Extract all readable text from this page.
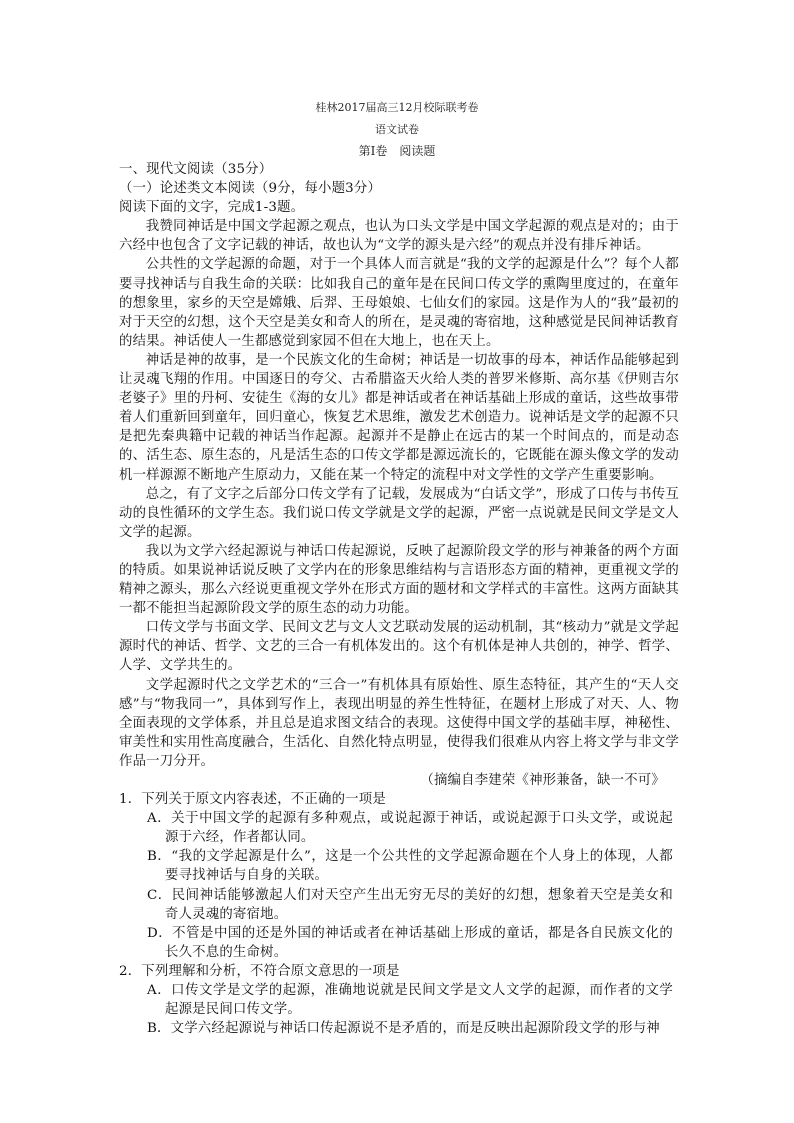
桂林2017届高三12月校际联考卷
语文试卷
第Ⅰ卷　阅读题

一、现代文阅读（35分）

（一）论述类文本阅读（9分，每小题3分）

阅读下面的文字，完成1-3题。

我赞同神话是中国文学起源之观点，也认为口头文学是中国文学起源的观点是对的；由于六经中也包含了文字记载的神话，故也认为“文学的源头是六经”的观点并没有排斥神话。

公共性的文学起源的命题，对于一个具体人而言就是“我的文学的起源是什么”？每个人都要寻找神话与自我生命的关联：比如我自己的童年是在民间口传文学的熏陶里度过的，在童年的想象里，家乡的天空是嫦娥、后羿、王母娘娘、七仙女们的家园。这是作为人的“我”最初的对于天空的幻想，这个天空是美女和奇人的所在，是灵魂的寄宿地，这种感觉是民间神话教育的结果。神话使人一生都感觉到家园不但在大地上，也在天上。

神话是神的故事，是一个民族文化的生命树；神话是一切故事的母本，神话作品能够起到让灵魂飞翔的作用。中国逐日的夸父、古希腊盗天火给人类的普罗米修斯、高尔基《伊则吉尔老婆子》里的丹柯、安徒生《海的女儿》都是神话或者在神话基础上形成的童话，这些故事带着人们重新回到童年，回归童心，恢复艺术思维，激发艺术创造力。说神话是文学的起源不只是把先秦典籍中记载的神话当作起源。起源并不是静止在远古的某一个时间点的，而是动态的、活生态、原生态的，凡是活生态的口传文学都是源远流长的，它既能在源头像文学的发动机一样源源不断地产生原动力，又能在某一个特定的流程中对文学性的文学产生重要影响。

总之，有了文字之后部分口传文学有了记载，发展成为“白话文学”，形成了口传与书传互动的良性循环的文学生态。我们说口传文学就是文学的起源，严密一点说就是民间文学是文人文学的起源。

我以为文学六经起源说与神话口传起源说，反映了起源阶段文学的形与神兼备的两个方面的特质。如果说神话说反映了文学内在的形象思维结构与言语形态方面的精神，更重视文学的精神之源头，那么六经说更重视文学外在形式方面的题材和文学样式的丰富性。这两方面缺其一都不能担当起源阶段文学的原生态的动力功能。

口传文学与书面文学、民间文艺与文人文艺联动发展的运动机制，其“核动力”就是文学起源时代的神话、哲学、文艺的三合一有机体发出的。这个有机体是神人共创的，神学、哲学、人学、文学共生的。

文学起源时代之文学艺术的“三合一”有机体具有原始性、原生态特征，其产生的“天人交感”与“物我同一”，具体到写作上，表现出明显的养生性特征，在题材上形成了对天、人、物全面表现的文学体系，并且总是追求图文结合的表现。这使得中国文学的基础丰厚，神秘性、审美性和实用性高度融合，生活化、自然化特点明显，使得我们很难从内容上将文学与非文学作品一刀分开。

（摘编自李建荣《神形兼备，缺一不可》

1．下列关于原文内容表述，不正确的一项是

A．关于中国文学的起源有多种观点，或说起源于神话，或说起源于口头文学，或说起源于六经，作者都认同。

B．“我的文学起源是什么”，这是一个公共性的文学起源命题在个人身上的体现，人都要寻找神话与自身的关联。

C．民间神话能够激起人们对天空产生出无穷无尽的美好的幻想，想象着天空是美女和奇人灵魂的寄宿地。

D．不管是中国的还是外国的神话或者在神话基础上形成的童话，都是各自民族文化的长久不息的生命树。

2．下列理解和分析，不符合原文意思的一项是

A．口传文学是文学的起源，准确地说就是民间文学是文人文学的起源，而作者的文学起源是民间口传文学。

B．文学六经起源说与神话口传起源说不是矛盾的，而是反映出起源阶段文学的形与神
